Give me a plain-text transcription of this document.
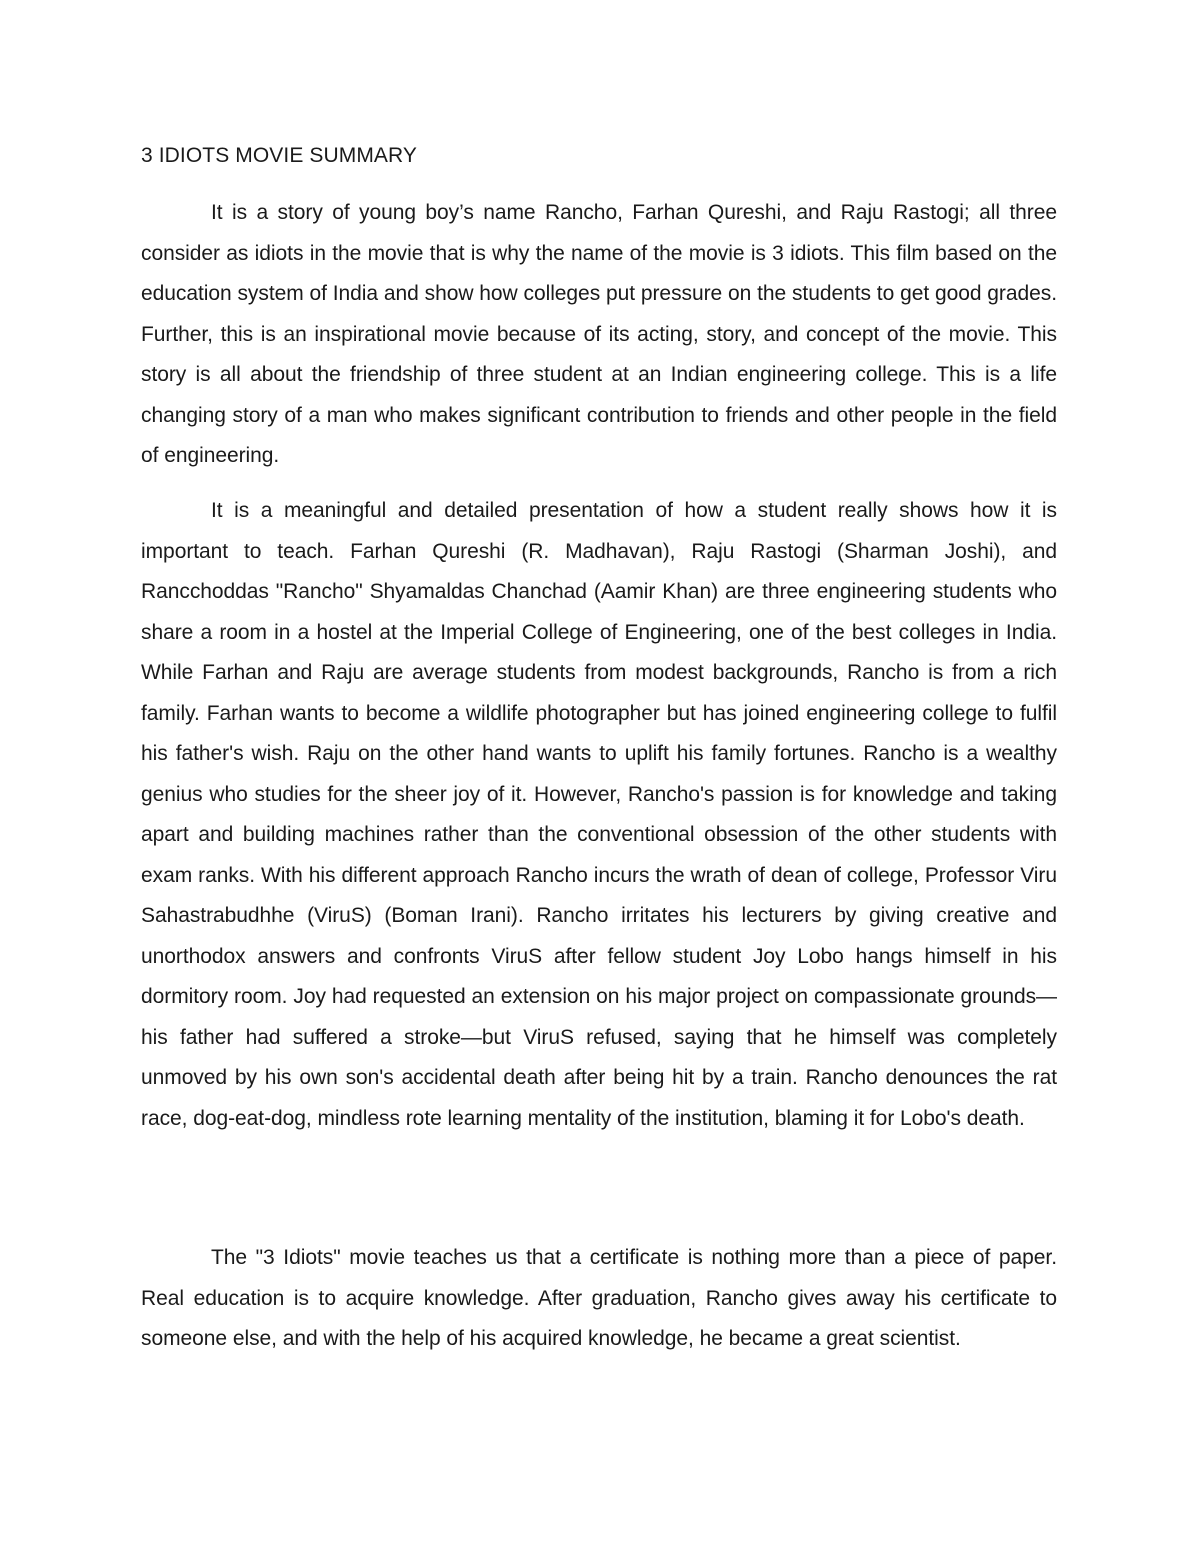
3 IDIOTS MOVIE SUMMARY

It is a story of young boy’s name Rancho, Farhan Qureshi, and Raju Rastogi; all three consider as idiots in the movie that is why the name of the movie is 3 idiots. This film based on the education system of India and show how colleges put pressure on the students to get good grades. Further, this is an inspirational movie because of its acting, story, and concept of the movie. This story is all about the friendship of three student at an Indian engineering college. This is a life changing story of a man who makes significant contribution to friends and other people in the field of engineering.

It is a meaningful and detailed presentation of how a student really shows how it is important to teach. Farhan Qureshi (R. Madhavan), Raju Rastogi (Sharman Joshi), and Rancchoddas "Rancho" Shyamaldas Chanchad (Aamir Khan) are three engineering students who share a room in a hostel at the Imperial College of Engineering, one of the best colleges in India. While Farhan and Raju are average students from modest backgrounds, Rancho is from a rich family. Farhan wants to become a wildlife photographer but has joined engineering college to fulfil his father's wish. Raju on the other hand wants to uplift his family fortunes. Rancho is a wealthy genius who studies for the sheer joy of it. However, Rancho's passion is for knowledge and taking apart and building machines rather than the conventional obsession of the other students with exam ranks. With his different approach Rancho incurs the wrath of dean of college, Professor Viru Sahastrabudhhe (ViruS) (Boman Irani). Rancho irritates his lecturers by giving creative and unorthodox answers and confronts ViruS after fellow student Joy Lobo hangs himself in his dormitory room. Joy had requested an extension on his major project on compassionate grounds—his father had suffered a stroke—but ViruS refused, saying that he himself was completely unmoved by his own son's accidental death after being hit by a train. Rancho denounces the rat race, dog-eat-dog, mindless rote learning mentality of the institution, blaming it for Lobo's death.

The "3 Idiots" movie teaches us that a certificate is nothing more than a piece of paper. Real education is to acquire knowledge. After graduation, Rancho gives away his certificate to someone else, and with the help of his acquired knowledge, he became a great scientist.
